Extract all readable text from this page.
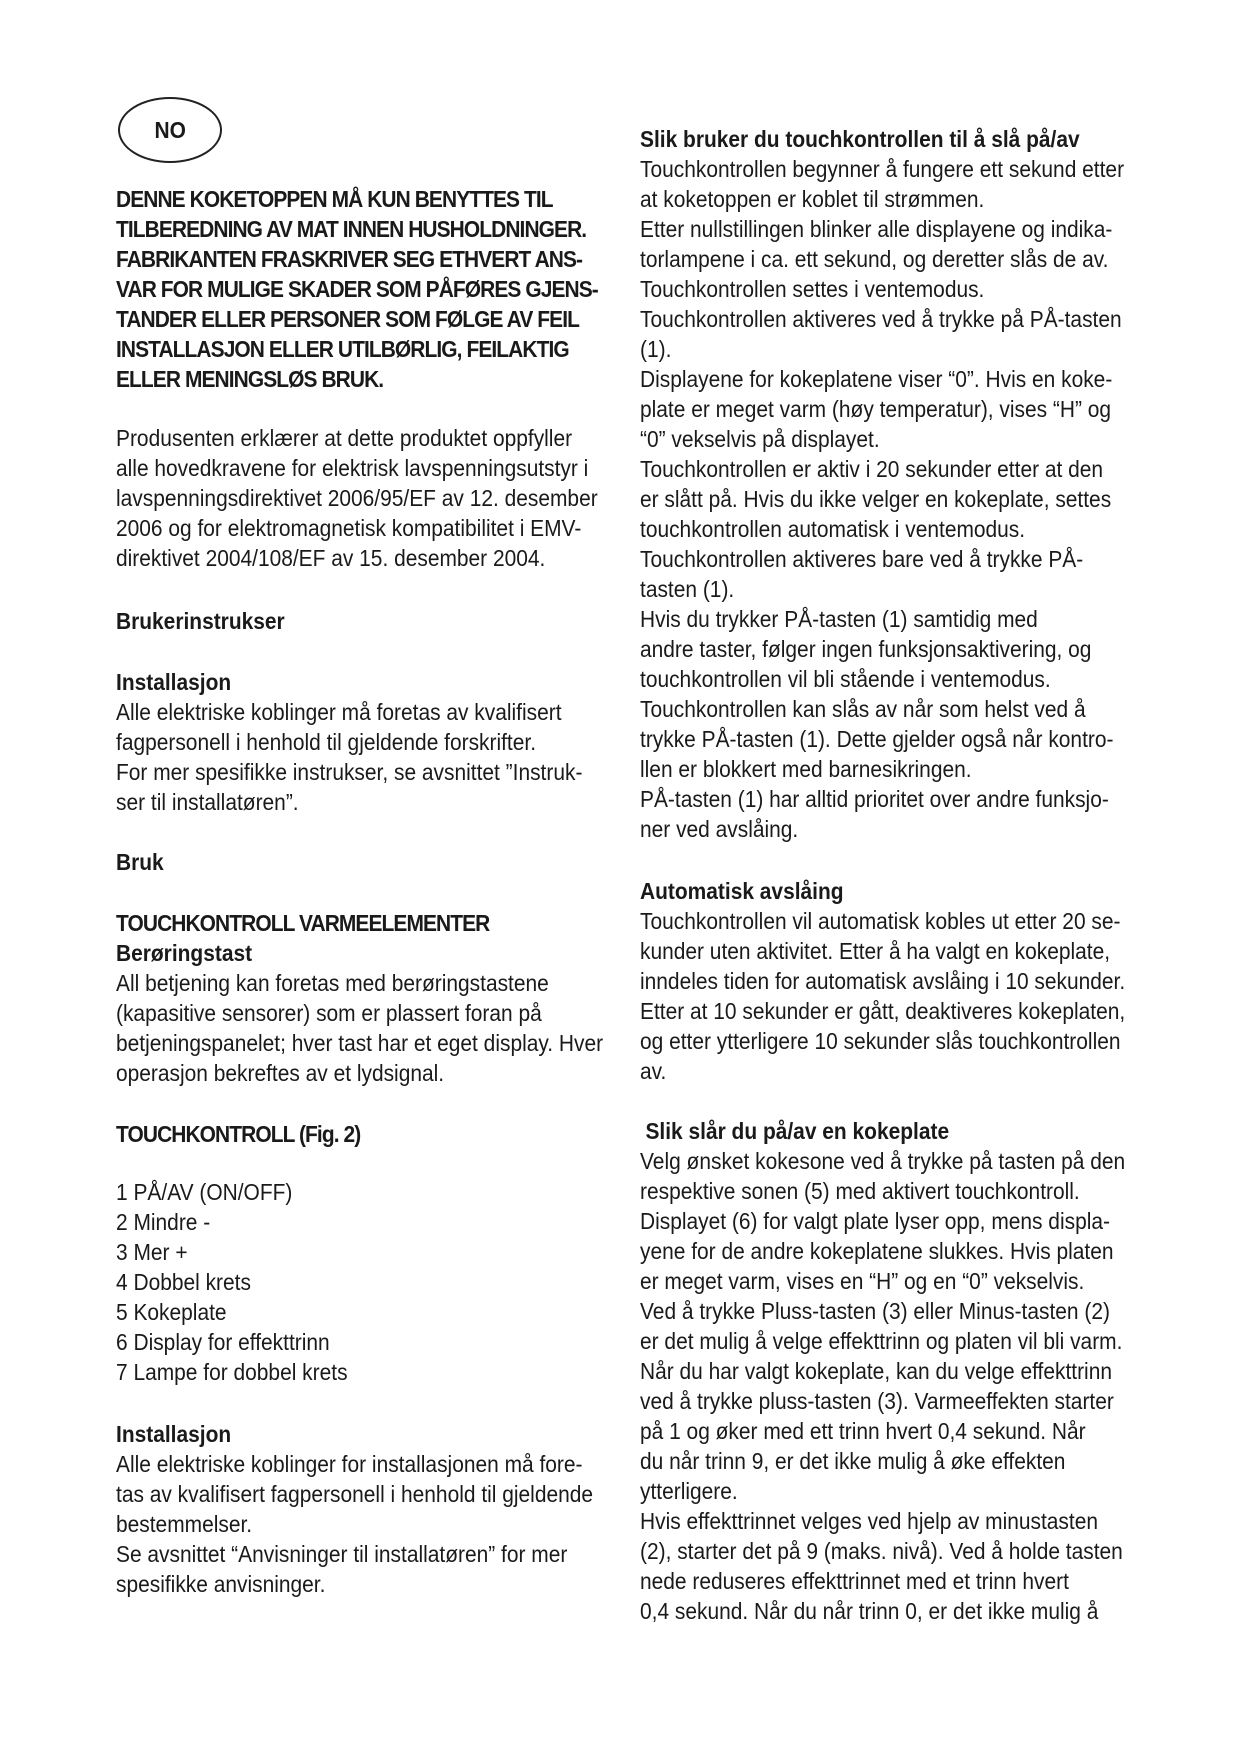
NO
DENNE KOKETOPPEN MÅ KUN BENYTTES TIL
TILBEREDNING AV MAT INNEN HUSHOLDNINGER.
FABRIKANTEN FRASKRIVER SEG ETHVERT ANS-
VAR FOR MULIGE SKADER SOM PÅFØRES GJENS-
TANDER ELLER PERSONER SOM FØLGE AV FEIL
INSTALLASJON ELLER UTILBØRLIG, FEILAKTIG
ELLER MENINGSLØS BRUK.
Produsenten erklærer at dette produktet oppfyller
alle hovedkravene for elektrisk lavspenningsutstyr i
lavspenningsdirektivet 2006/95/EF av 12. desember
2006 og for elektromagnetisk kompatibilitet i EMV-
direktivet 2004/108/EF av 15. desember 2004.
Brukerinstrukser
Installasjon
Alle elektriske koblinger må foretas av kvalifisert
fagpersonell i henhold til gjeldende forskrifter.
For mer spesifikke instrukser, se avsnittet ”Instruk-
ser til installatøren”.
Bruk
TOUCHKONTROLL VARMEELEMENTER
Berøringstast
All betjening kan foretas med berøringstastene
(kapasitive sensorer) som er plassert foran på
betjeningspanelet; hver tast har et eget display. Hver
operasjon bekreftes av et lydsignal.
TOUCHKONTROLL (Fig. 2)
1 PÅ/AV (ON/OFF)
2 Mindre -
3 Mer +
4 Dobbel krets
5 Kokeplate
6 Display for effekttrinn
7 Lampe for dobbel krets
Installasjon
Alle elektriske koblinger for installasjonen må fore-
tas av kvalifisert fagpersonell i henhold til gjeldende
bestemmelser.
Se avsnittet “Anvisninger til installatøren” for mer
spesifikke anvisninger.
Slik bruker du touchkontrollen til å slå på/av
Touchkontrollen begynner å fungere ett sekund etter
at koketoppen er koblet til strømmen.
Etter nullstillingen blinker alle displayene og indika-
torlampene i ca. ett sekund, og deretter slås de av.
Touchkontrollen settes i ventemodus.
Touchkontrollen aktiveres ved å trykke på PÅ-tasten
(1).
Displayene for kokeplatene viser “0”. Hvis en koke-
plate er meget varm (høy temperatur), vises “H” og
“0” vekselvis på displayet.
Touchkontrollen er aktiv i 20 sekunder etter at den
er slått på. Hvis du ikke velger en kokeplate, settes
touchkontrollen automatisk i ventemodus.
Touchkontrollen aktiveres bare ved å trykke PÅ-
tasten (1).
Hvis du trykker PÅ-tasten (1) samtidig med
andre taster, følger ingen funksjonsaktivering, og
touchkontrollen vil bli stående i ventemodus.
Touchkontrollen kan slås av når som helst ved å
trykke PÅ-tasten (1). Dette gjelder også når kontro-
llen er blokkert med barnesikringen.
PÅ-tasten (1) har alltid prioritet over andre funksjo-
ner ved avslåing.
Automatisk avslåing
Touchkontrollen vil automatisk kobles ut etter 20 se-
kunder uten aktivitet. Etter å ha valgt en kokeplate,
inndeles tiden for automatisk avslåing i 10 sekunder.
Etter at 10 sekunder er gått, deaktiveres kokeplaten,
og etter ytterligere 10 sekunder slås touchkontrollen
av.
Slik slår du på/av en kokeplate
Velg ønsket kokesone ved å trykke på tasten på den
respektive sonen (5) med aktivert touchkontroll.
Displayet (6) for valgt plate lyser opp, mens displa-
yene for de andre kokeplatene slukkes. Hvis platen
er meget varm, vises en “H” og en “0” vekselvis.
Ved å trykke Pluss-tasten (3) eller Minus-tasten (2)
er det mulig å velge effekttrinn og platen vil bli varm.
Når du har valgt kokeplate, kan du velge effekttrinn
ved å trykke pluss-tasten (3). Varmeeffekten starter
på 1 og øker med ett trinn hvert 0,4 sekund. Når
du når trinn 9, er det ikke mulig å øke effekten
ytterligere.
Hvis effekttrinnet velges ved hjelp av minustasten
(2), starter det på 9 (maks. nivå). Ved å holde tasten
nede reduseres effekttrinnet med et trinn hvert
0,4 sekund. Når du når trinn 0, er det ikke mulig å
